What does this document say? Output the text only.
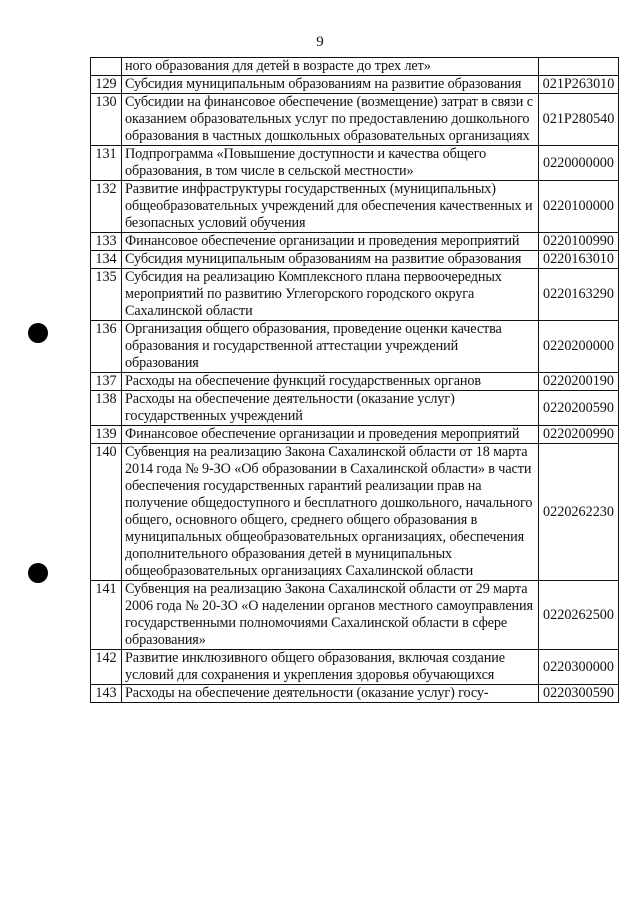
9
	ного образования для детей в возрасте до трех лет»	
129	Субсидия муниципальным образованиям на развитие образования	021P263010
130	Субсидии на финансовое обеспечение (возмещение) затрат в связи с оказанием образовательных услуг по предоставлению дошкольного образования в частных дошкольных образовательных организациях	021P280540
131	Подпрограмма «Повышение доступности и качества общего образования, в том числе в сельской местности»	0220000000
132	Развитие инфраструктуры государственных (муниципальных) общеобразовательных учреждений для обеспечения качественных и безопасных условий обучения	0220100000
133	Финансовое обеспечение организации и проведения мероприятий	0220100990
134	Субсидия муниципальным образованиям на развитие образования	0220163010
135	Субсидия на реализацию Комплексного плана первоочередных мероприятий по развитию Углегорского городского округа Сахалинской области	0220163290
136	Организация общего образования, проведение оценки качества образования и государственной аттестации учреждений образования	0220200000
137	Расходы на обеспечение функций государственных органов	0220200190
138	Расходы на обеспечение деятельности (оказание услуг) государственных учреждений	0220200590
139	Финансовое обеспечение организации и проведения мероприятий	0220200990
140	Субвенция на реализацию Закона Сахалинской области от 18 марта 2014 года № 9-ЗО «Об образовании в Сахалинской области» в части обеспечения государственных гарантий реализации прав на получение общедоступного и бесплатного дошкольного, начального общего, основного общего, среднего общего образования в муниципальных общеобразовательных организациях, обеспечения дополнительного образования детей в муниципальных общеобразовательных организациях Сахалинской области	0220262230
141	Субвенция на реализацию Закона Сахалинской области от 29 марта 2006 года № 20-ЗО «О наделении органов местного самоуправления государственными полномочиями Сахалинской области в сфере образования»	0220262500
142	Развитие инклюзивного общего образования, включая создание условий для сохранения и укрепления здоровья обучающихся	0220300000
143	Расходы на обеспечение деятельности (оказание услуг) госу-	0220300590
